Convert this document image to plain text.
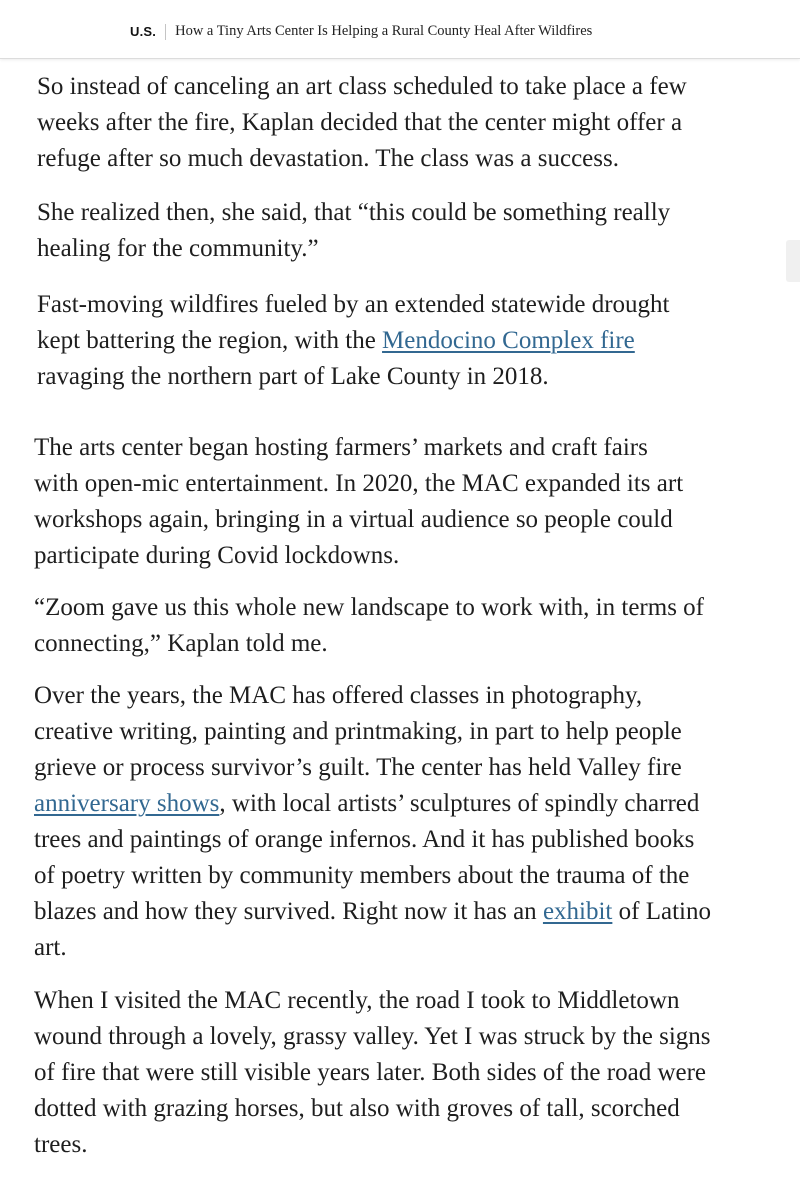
U.S. How a Tiny Arts Center Is Helping a Rural County Heal After Wildfires

So instead of canceling an art class scheduled to take place a few
weeks after the fire, Kaplan decided that the center might offer a
refuge after so much devastation. The class was a success.

She realized then, she said, that “this could be something really
healing for the community.”

Fast-moving wildfires fueled by an extended statewide drought
kept battering the region, with the Mendocino Complex fire
ravaging the northern part of Lake County in 2018.

The arts center began hosting farmers’ markets and craft fairs
with open-mic entertainment. In 2020, the MAC expanded its art
workshops again, bringing in a virtual audience so people could
participate during Covid lockdowns.

“Zoom gave us this whole new landscape to work with, in terms of
connecting,” Kaplan told me.

Over the years, the MAC has offered classes in photography,
creative writing, painting and printmaking, in part to help people
grieve or process survivor’s guilt. The center has held Valley fire
anniversary shows, with local artists’ sculptures of spindly charred
trees and paintings of orange infernos. And it has published books
of poetry written by community members about the trauma of the
blazes and how they survived. Right now it has an exhibit of Latino
art.

When I visited the MAC recently, the road I took to Middletown
wound through a lovely, grassy valley. Yet I was struck by the signs
of fire that were still visible years later. Both sides of the road were
dotted with grazing horses, but also with groves of tall, scorched
trees.
